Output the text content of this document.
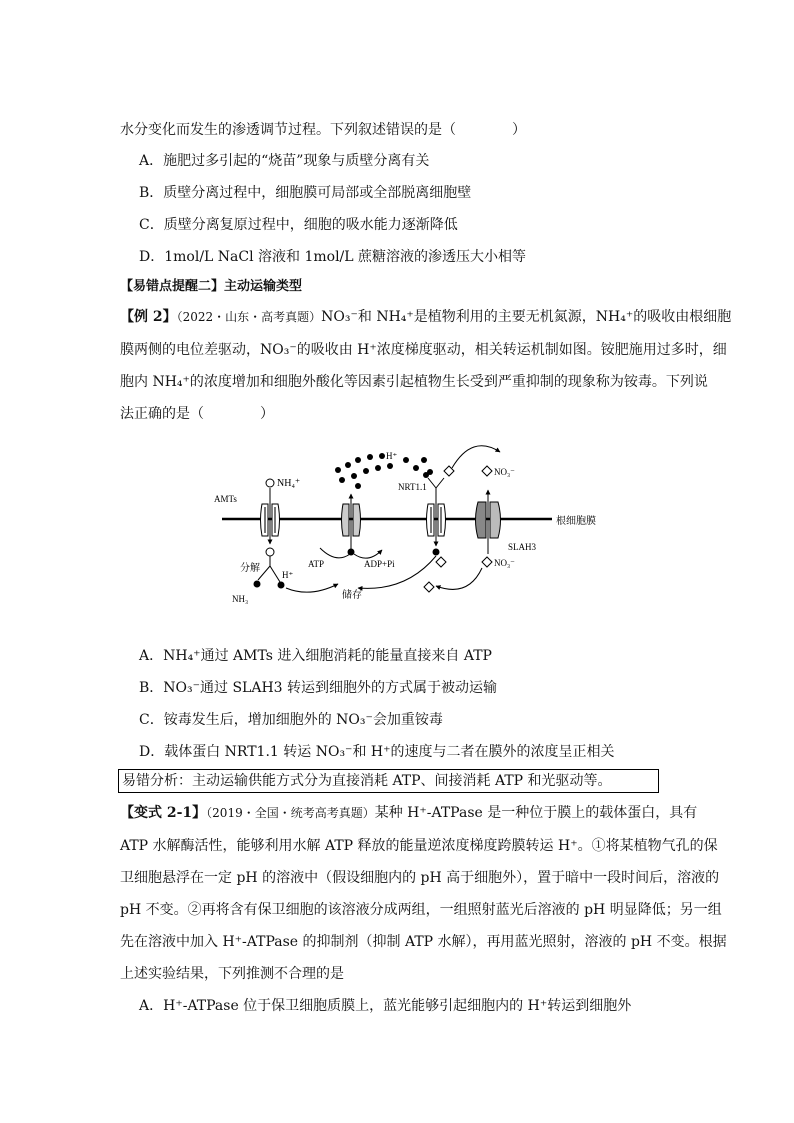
水分变化而发生的渗透调节过程。下列叙述错误的是（　　　　）
A．施肥过多引起的“烧苗”现象与质壁分离有关
B．质壁分离过程中，细胞膜可局部或全部脱离细胞壁
C．质壁分离复原过程中，细胞的吸水能力逐渐降低
D．1mol/L NaCl 溶液和 1mol/L 蔗糖溶液的渗透压大小相等
【易错点提醒二】主动运输类型
【例 2】（2022・山东・高考真题）NO₃⁻和 NH₄⁺是植物利用的主要无机氮源，NH₄⁺的吸收由根细胞
膜两侧的电位差驱动，NO₃⁻的吸收由 H⁺浓度梯度驱动，相关转运机制如图。铵肥施用过多时，细
胞内 NH₄⁺的浓度增加和细胞外酸化等因素引起植物生长受到严重抑制的现象称为铵毒。下列说
法正确的是（　　　　）
根细胞膜
AMTs
NH₄⁺
分解
H⁺
NH₃
H⁺
ATP	ADP+Pi
储存
NRT1.1
NO₃⁻
SLAH3
NO₃⁻
A．NH₄⁺通过 AMTs 进入细胞消耗的能量直接来自 ATP
B．NO₃⁻通过 SLAH3 转运到细胞外的方式属于被动运输
C．铵毒发生后，增加细胞外的 NO₃⁻会加重铵毒
D．载体蛋白 NRT1.1 转运 NO₃⁻和 H⁺的速度与二者在膜外的浓度呈正相关
易错分析：主动运输供能方式分为直接消耗 ATP、间接消耗 ATP 和光驱动等。
【变式 2-1】（2019・全国・统考高考真题）某种 H⁺-ATPase 是一种位于膜上的载体蛋白，具有
ATP 水解酶活性，能够利用水解 ATP 释放的能量逆浓度梯度跨膜转运 H⁺。①将某植物气孔的保
卫细胞悬浮在一定 pH 的溶液中（假设细胞内的 pH 高于细胞外），置于暗中一段时间后，溶液的
pH 不变。②再将含有保卫细胞的该溶液分成两组，一组照射蓝光后溶液的 pH 明显降低；另一组
先在溶液中加入 H⁺-ATPase 的抑制剂（抑制 ATP 水解），再用蓝光照射，溶液的 pH 不变。根据
上述实验结果，下列推测不合理的是
A．H⁺-ATPase 位于保卫细胞质膜上，蓝光能够引起细胞内的 H⁺转运到细胞外
